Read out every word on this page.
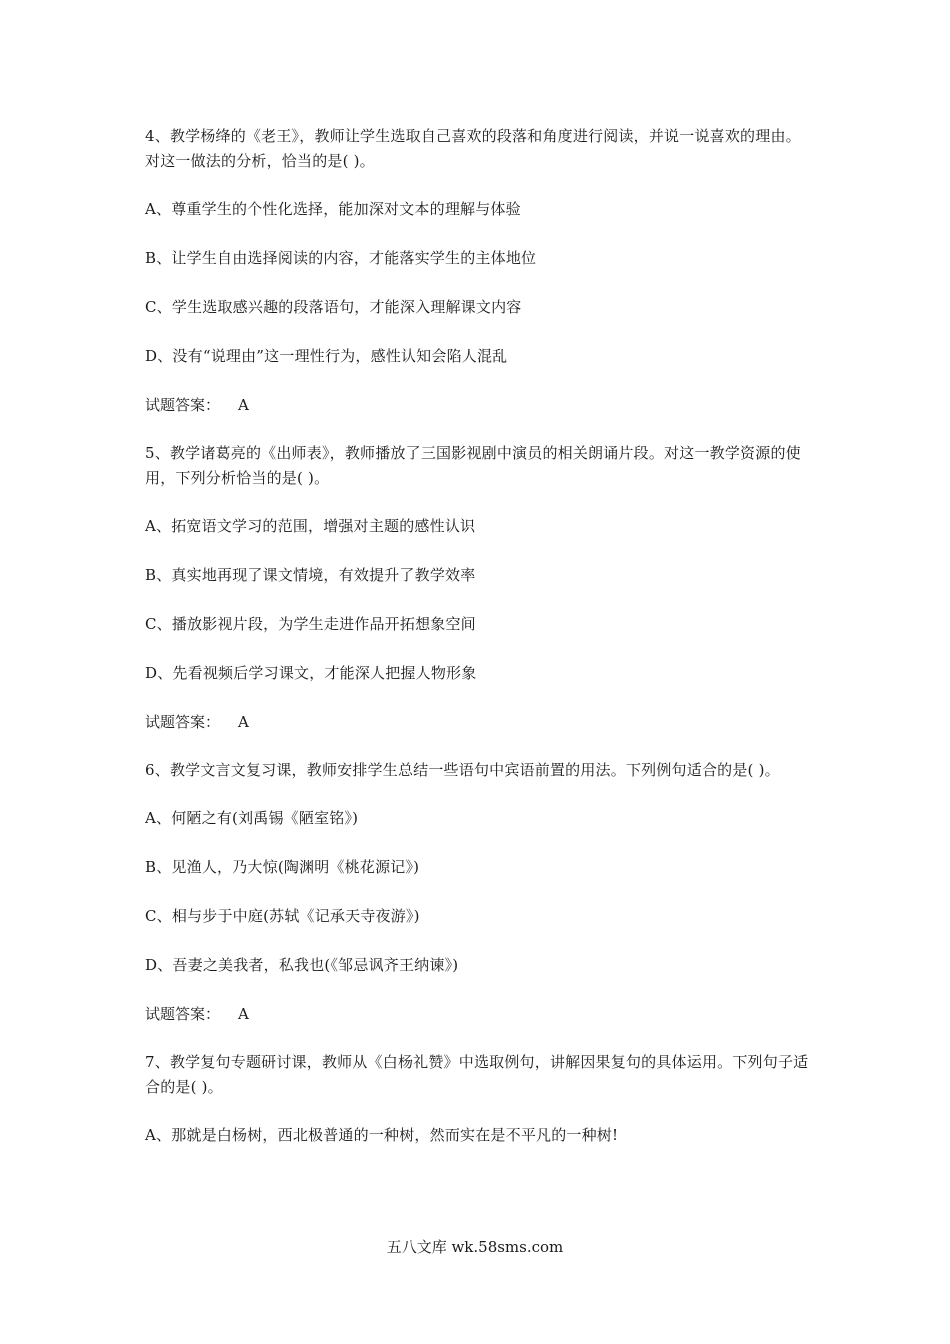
4、教学杨绛的《老王》，教师让学生选取自己喜欢的段落和角度进行阅读，并说一说喜欢的理由。对这一做法的分析，恰当的是( )。

A、尊重学生的个性化选择，能加深对文本的理解与体验

B、让学生自由选择阅读的内容，才能落实学生的主体地位

C、学生选取感兴趣的段落语句，才能深入理解课文内容

D、没有“说理由”这一理性行为，感性认知会陷人混乱

试题答案： A

5、教学诸葛亮的《出师表》，教师播放了三国影视剧中演员的相关朗诵片段。对这一教学资源的使用，下列分析恰当的是( )。

A、拓宽语文学习的范围，增强对主题的感性认识

B、真实地再现了课文情境，有效提升了教学效率

C、播放影视片段，为学生走进作品开拓想象空间

D、先看视频后学习课文，才能深人把握人物形象

试题答案： A

6、教学文言文复习课，教师安排学生总结一些语句中宾语前置的用法。下列例句适合的是( )。

A、何陋之有(刘禹锡《陋室铭》)

B、见渔人，乃大惊(陶渊明《桃花源记》)

C、相与步于中庭(苏轼《记承天寺夜游》)

D、吾妻之美我者，私我也(《邹忌讽齐王纳谏》)

试题答案： A

7、教学复句专题研讨课，教师从《白杨礼赞》中选取例句，讲解因果复句的具体运用。下列句子适合的是( )。

A、那就是白杨树，西北极普通的一种树，然而实在是不平凡的一种树!

五八文库 wk.58sms.com
